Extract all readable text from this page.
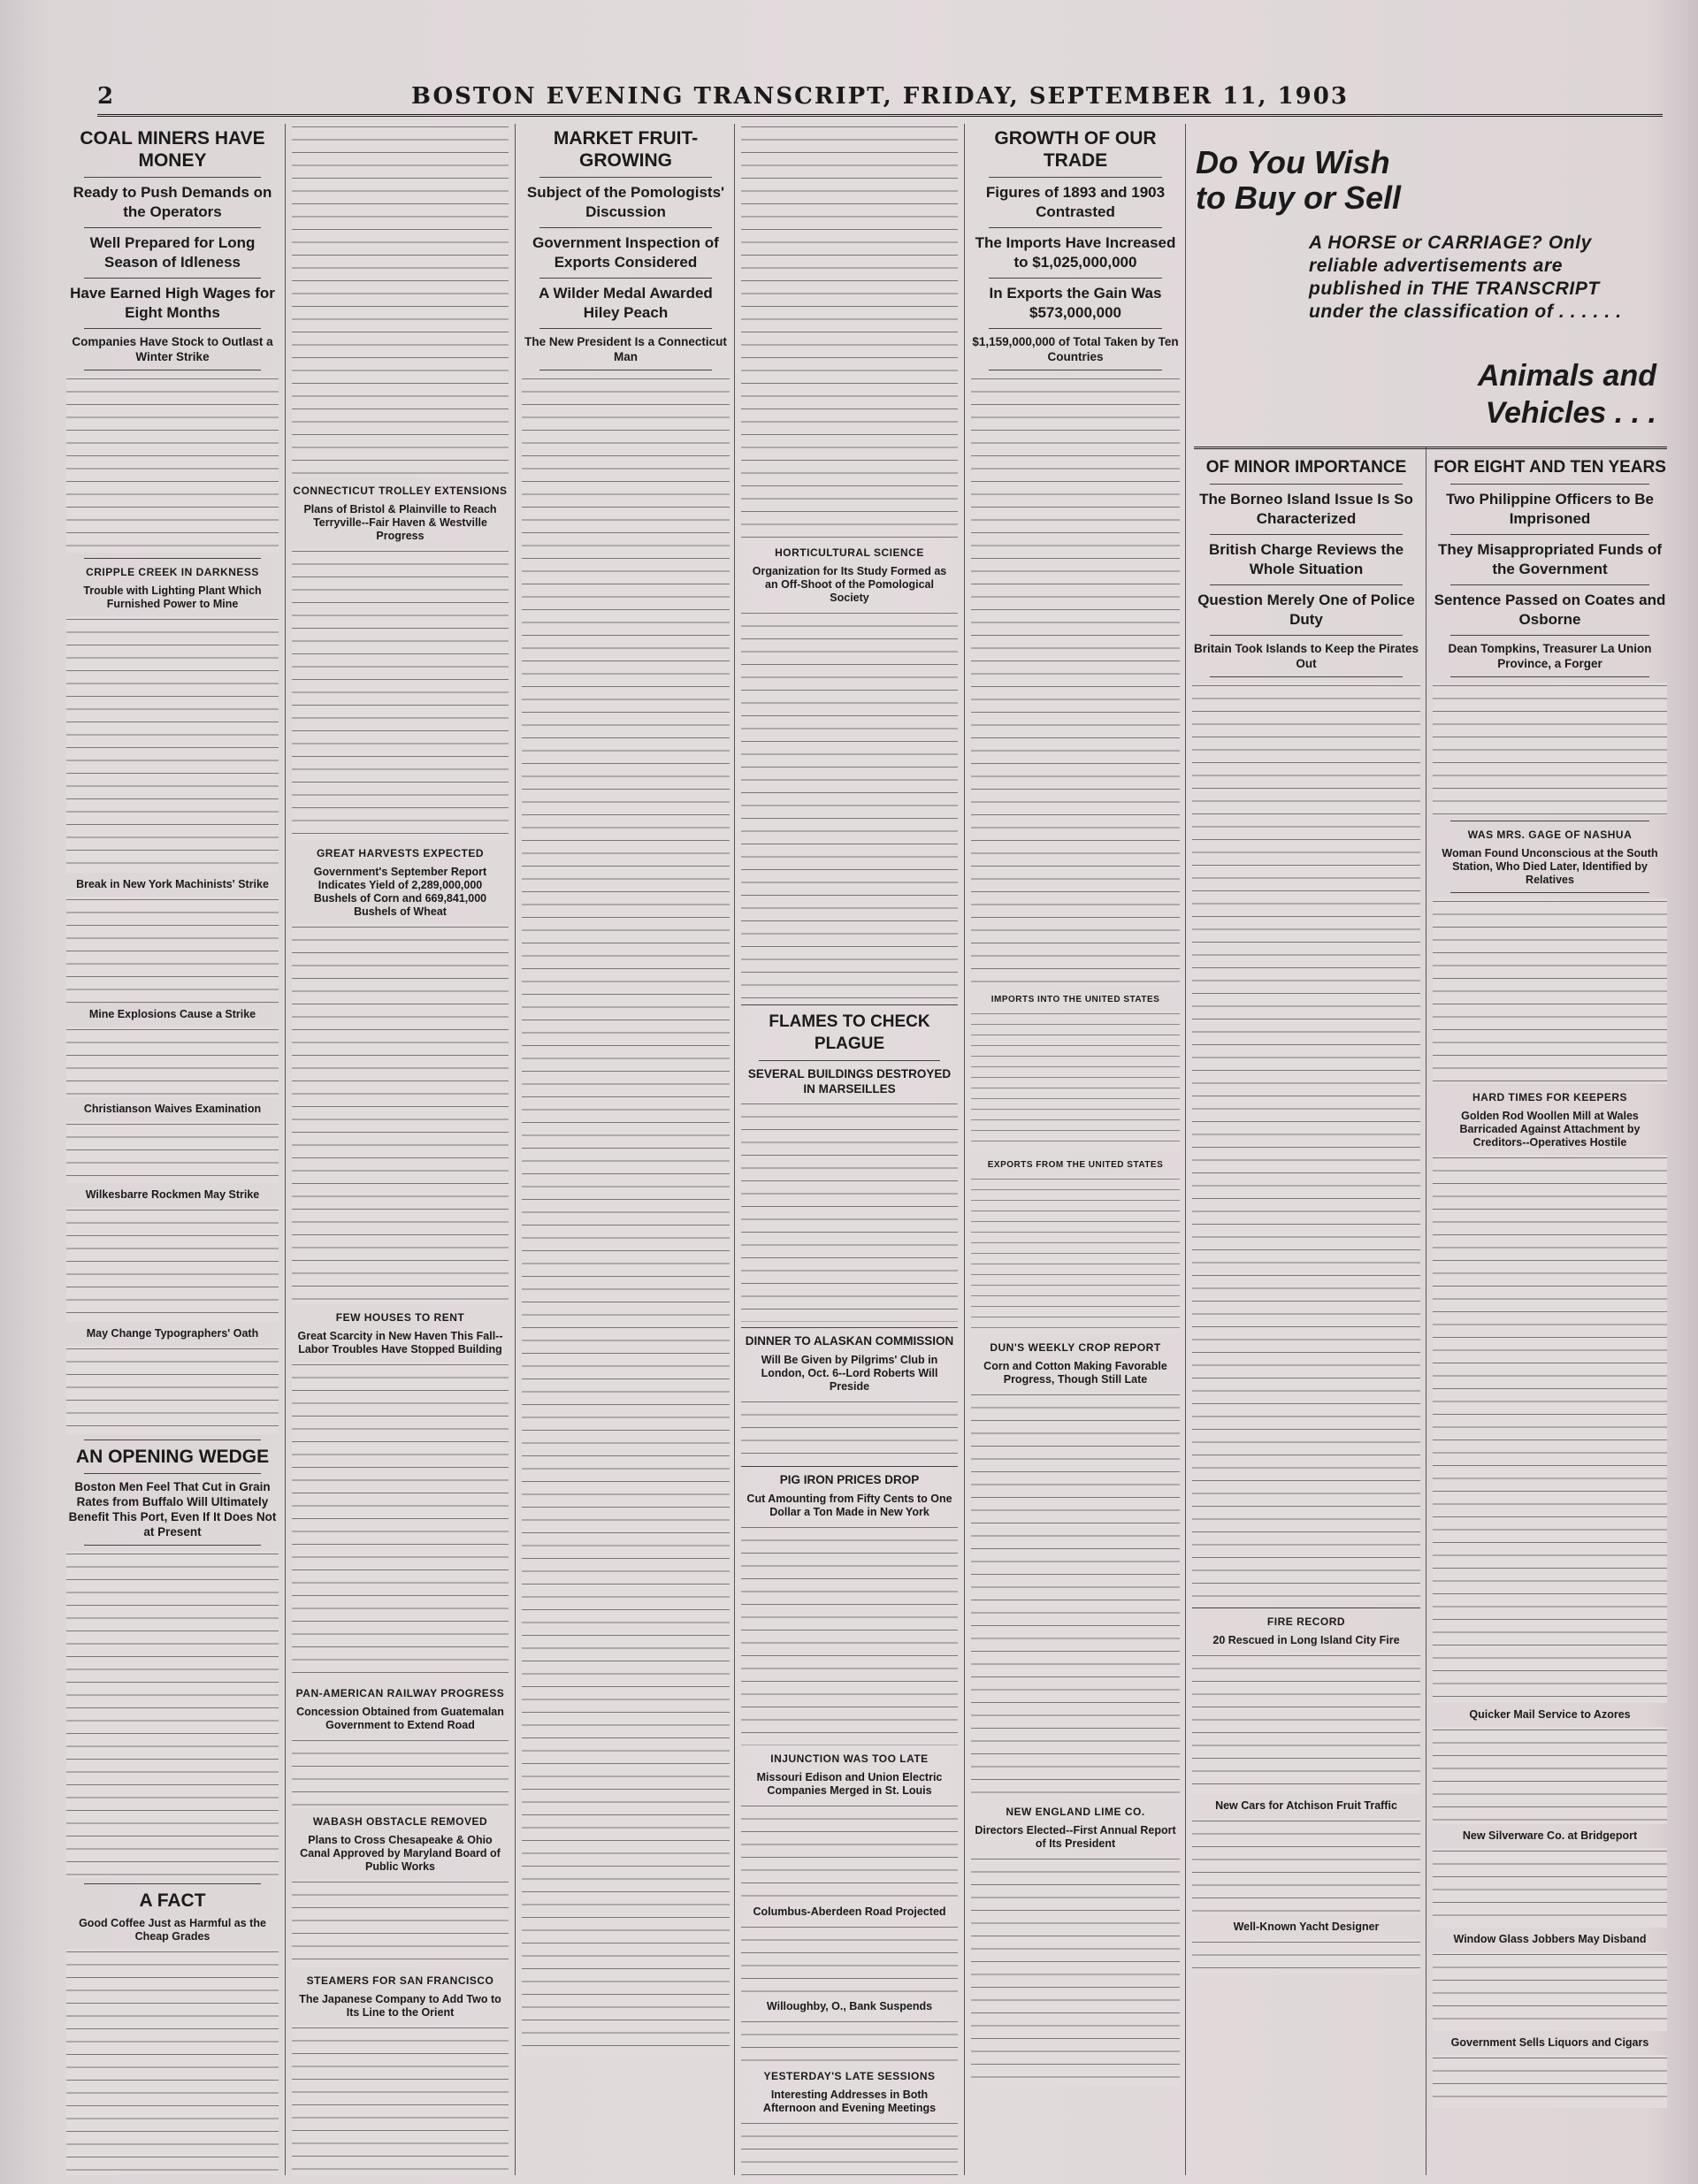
2	BOSTON EVENING TRANSCRIPT, FRIDAY, SEPTEMBER 11, 1903
COAL MINERS HAVE MONEY
Ready to Push Demands on the Operators
Well Prepared for Long Season of Idleness
Have Earned High Wages for Eight Months
Companies Have Stock to Outlast a Winter Strike
CRIPPLE CREEK IN DARKNESS
Trouble with Lighting Plant Which Furnished Power to Mine
Break in New York Machinists' Strike
Mine Explosions Cause a Strike
Christianson Waives Examination
Wilkesbarre Rockmen May Strike
May Change Typographers' Oath
AN OPENING WEDGE
Boston Men Feel That Cut in Grain Rates from Buffalo Will Ultimately Benefit This Port, Even If It Does Not at Present
A FACT
Good Coffee Just as Harmful as the Cheap Grades
CONNECTICUT TROLLEY EXTENSIONS
Plans of Bristol & Plainville to Reach Terryville--Fair Haven & Westville Progress
GREAT HARVESTS EXPECTED
Government's September Report Indicates Yield of 2,289,000,000 Bushels of Corn and 669,841,000 Bushels of Wheat
FEW HOUSES TO RENT
Great Scarcity in New Haven This Fall--Labor Troubles Have Stopped Building
PAN-AMERICAN RAILWAY PROGRESS
Concession Obtained from Guatemalan Government to Extend Road
WABASH OBSTACLE REMOVED
Plans to Cross Chesapeake & Ohio Canal Approved by Maryland Board of Public Works
STEAMERS FOR SAN FRANCISCO
The Japanese Company to Add Two to Its Line to the Orient
MARKET FRUIT-GROWING
Subject of the Pomologists' Discussion
Government Inspection of Exports Considered
A Wilder Medal Awarded Hiley Peach
The New President Is a Connecticut Man
HORTICULTURAL SCIENCE
Organization for Its Study Formed as an Off-Shoot of the Pomological Society
FLAMES TO CHECK PLAGUE
SEVERAL BUILDINGS DESTROYED IN MARSEILLES
DINNER TO ALASKAN COMMISSION
Will Be Given by Pilgrims' Club in London, Oct. 6--Lord Roberts Will Preside
PIG IRON PRICES DROP
Cut Amounting from Fifty Cents to One Dollar a Ton Made in New York
INJUNCTION WAS TOO LATE
Missouri Edison and Union Electric Companies Merged in St. Louis
Columbus-Aberdeen Road Projected
Willoughby, O., Bank Suspends
YESTERDAY'S LATE SESSIONS
Interesting Addresses in Both Afternoon and Evening Meetings
GROWTH OF OUR TRADE
Figures of 1893 and 1903 Contrasted
The Imports Have Increased to $1,025,000,000
In Exports the Gain Was $573,000,000
$1,159,000,000 of Total Taken by Ten Countries
IMPORTS INTO THE UNITED STATES
EXPORTS FROM THE UNITED STATES
DUN'S WEEKLY CROP REPORT
Corn and Cotton Making Favorable Progress, Though Still Late
NEW ENGLAND LIME CO.
Directors Elected--First Annual Report of Its President
Do You Wish
to Buy or Sell
A HORSE or CARRIAGE? Only reliable advertisements are published in THE TRANSCRIPT under the classification of . . . . . .
Animals and
Vehicles . . .
OF MINOR IMPORTANCE
The Borneo Island Issue Is So Characterized
British Charge Reviews the Whole Situation
Question Merely One of Police Duty
Britain Took Islands to Keep the Pirates Out
FIRE RECORD
20 Rescued in Long Island City Fire
New Cars for Atchison Fruit Traffic
Well-Known Yacht Designer
FOR EIGHT AND TEN YEARS
Two Philippine Officers to Be Imprisoned
They Misappropriated Funds of the Government
Sentence Passed on Coates and Osborne
Dean Tompkins, Treasurer La Union Province, a Forger
WAS MRS. GAGE OF NASHUA
Woman Found Unconscious at the South Station, Who Died Later, Identified by Relatives
HARD TIMES FOR KEEPERS
Golden Rod Woollen Mill at Wales Barricaded Against Attachment by Creditors--Operatives Hostile
Quicker Mail Service to Azores
New Silverware Co. at Bridgeport
Window Glass Jobbers May Disband
Government Sells Liquors and Cigars
